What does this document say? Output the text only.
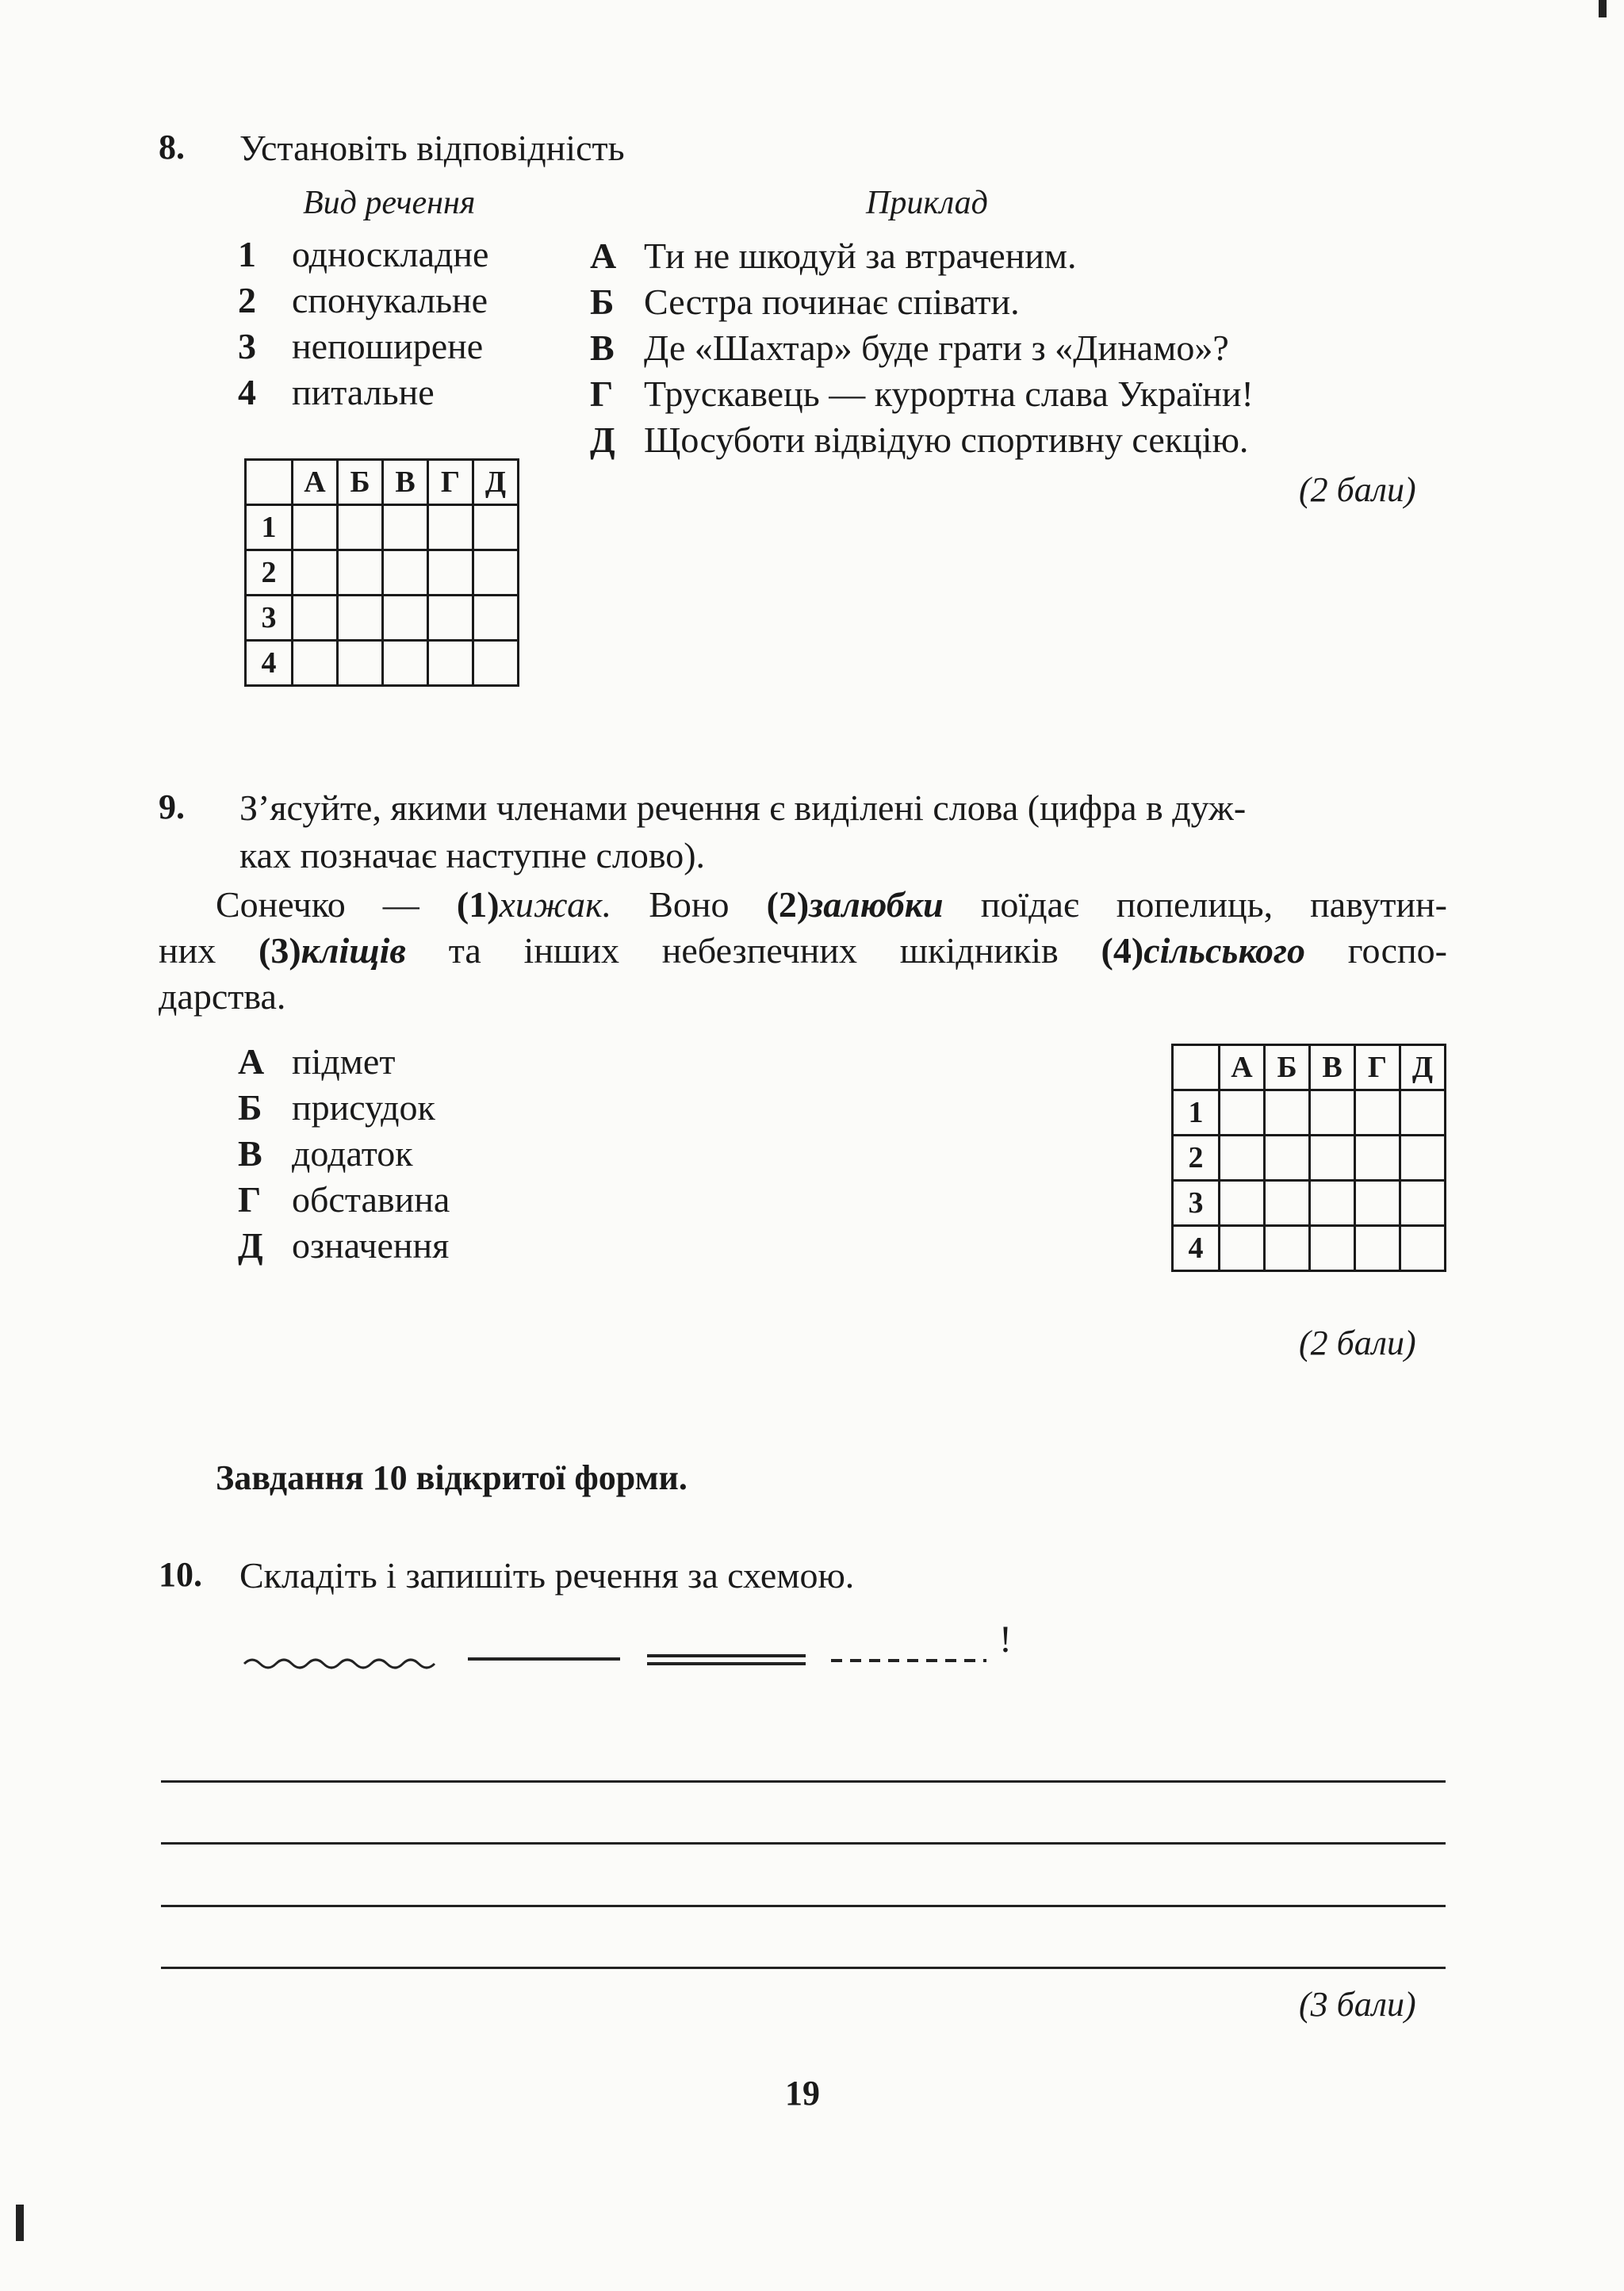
8. Установіть відповідність
Вид речення	Приклад
1 односкладне
2 спонукальне
3 непоширене
4 питальне
А Ти не шкодуй за втраченим.
Б Сестра починає співати.
В Де «Шахтар» буде грати з «Динамо»?
Г Трускавець — курортна слава України!
Д Щосуботи відвідую спортивну секцію.
(2 бали)
	А	Б	В	Г	Д
1					
2					
3					
4					
9. З’ясуйте, якими членами речення є виділені слова (цифра в дуж-
ках позначає наступне слово).
Сонечко — (1)хижак. Воно (2)залюбки поїдає попелиць, павутин-
них (3)кліщів та інших небезпечних шкідників (4)сільського госпо-
дарства.
А підмет
Б присудок
В додаток
Г обставина
Д означення
	А	Б	В	Г	Д
1					
2					
3					
4					
(2 бали)
Завдання 10 відкритої форми.
10. Складіть і запишіть речення за схемою.
!
(3 бали)
19
